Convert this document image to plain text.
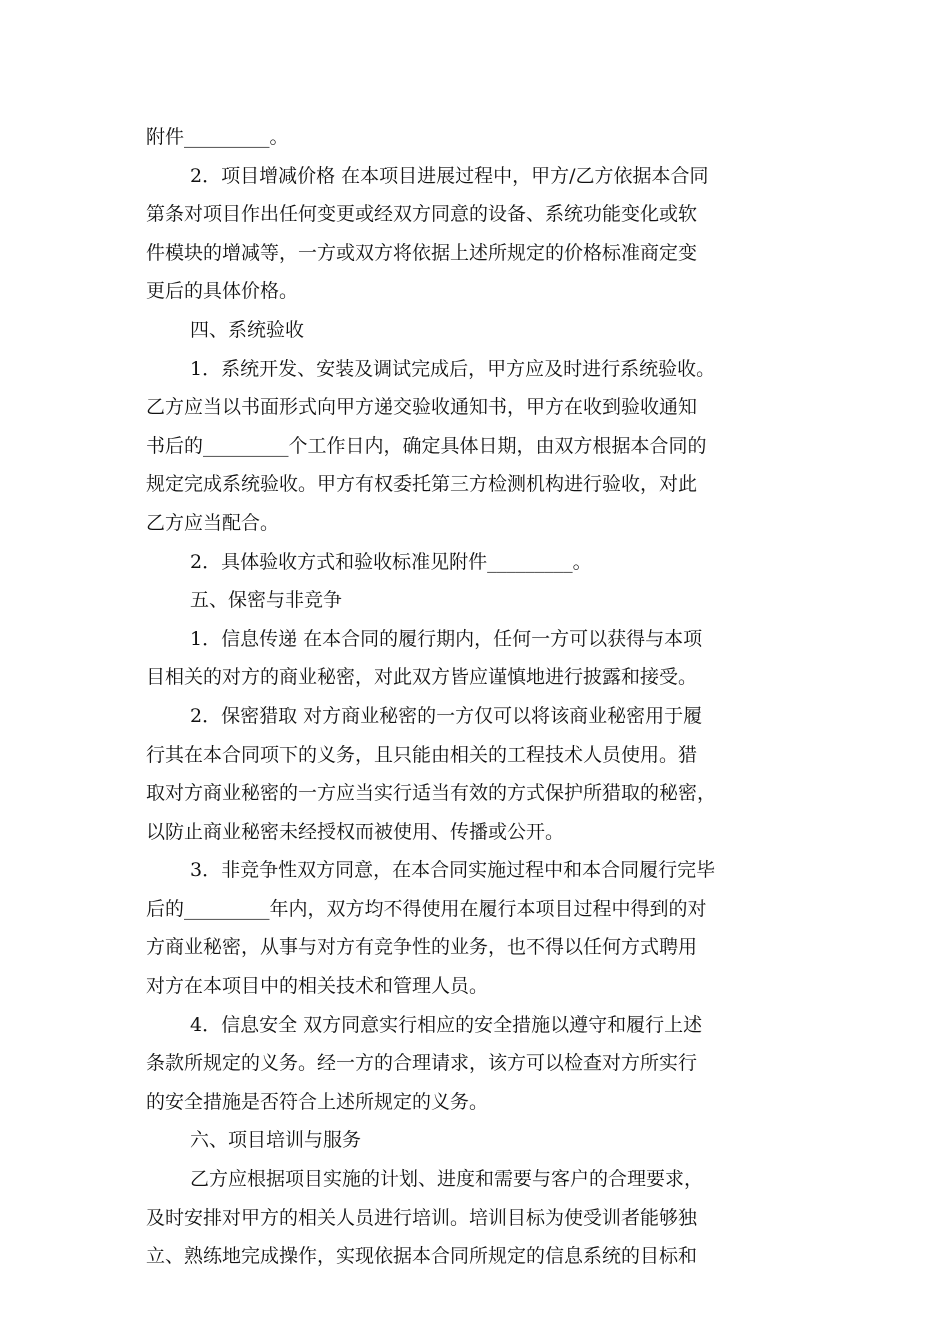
附件_________。
2．项目增减价格 在本项目进展过程中，甲方/乙方依据本合同
第条对项目作出任何变更或经双方同意的设备、系统功能变化或软
件模块的增减等，一方或双方将依据上述所规定的价格标准商定变
更后的具体价格。
四、系统验收
1．系统开发、安装及调试完成后，甲方应及时进行系统验收。
乙方应当以书面形式向甲方递交验收通知书，甲方在收到验收通知
书后的_________个工作日内，确定具体日期，由双方根据本合同的
规定完成系统验收。甲方有权委托第三方检测机构进行验收，对此
乙方应当配合。
2．具体验收方式和验收标准见附件_________。
五、保密与非竞争
1．信息传递 在本合同的履行期内，任何一方可以获得与本项
目相关的对方的商业秘密，对此双方皆应谨慎地进行披露和接受。
2．保密猎取 对方商业秘密的一方仅可以将该商业秘密用于履
行其在本合同项下的义务，且只能由相关的工程技术人员使用。猎
取对方商业秘密的一方应当实行适当有效的方式保护所猎取的秘密，
以防止商业秘密未经授权而被使用、传播或公开。
3．非竞争性双方同意，在本合同实施过程中和本合同履行完毕
后的_________年内，双方均不得使用在履行本项目过程中得到的对
方商业秘密，从事与对方有竞争性的业务，也不得以任何方式聘用
对方在本项目中的相关技术和管理人员。
4．信息安全 双方同意实行相应的安全措施以遵守和履行上述
条款所规定的义务。经一方的合理请求，该方可以检查对方所实行
的安全措施是否符合上述所规定的义务。
六、项目培训与服务
乙方应根据项目实施的计划、进度和需要与客户的合理要求，
及时安排对甲方的相关人员进行培训。培训目标为使受训者能够独
立、熟练地完成操作，实现依据本合同所规定的信息系统的目标和
